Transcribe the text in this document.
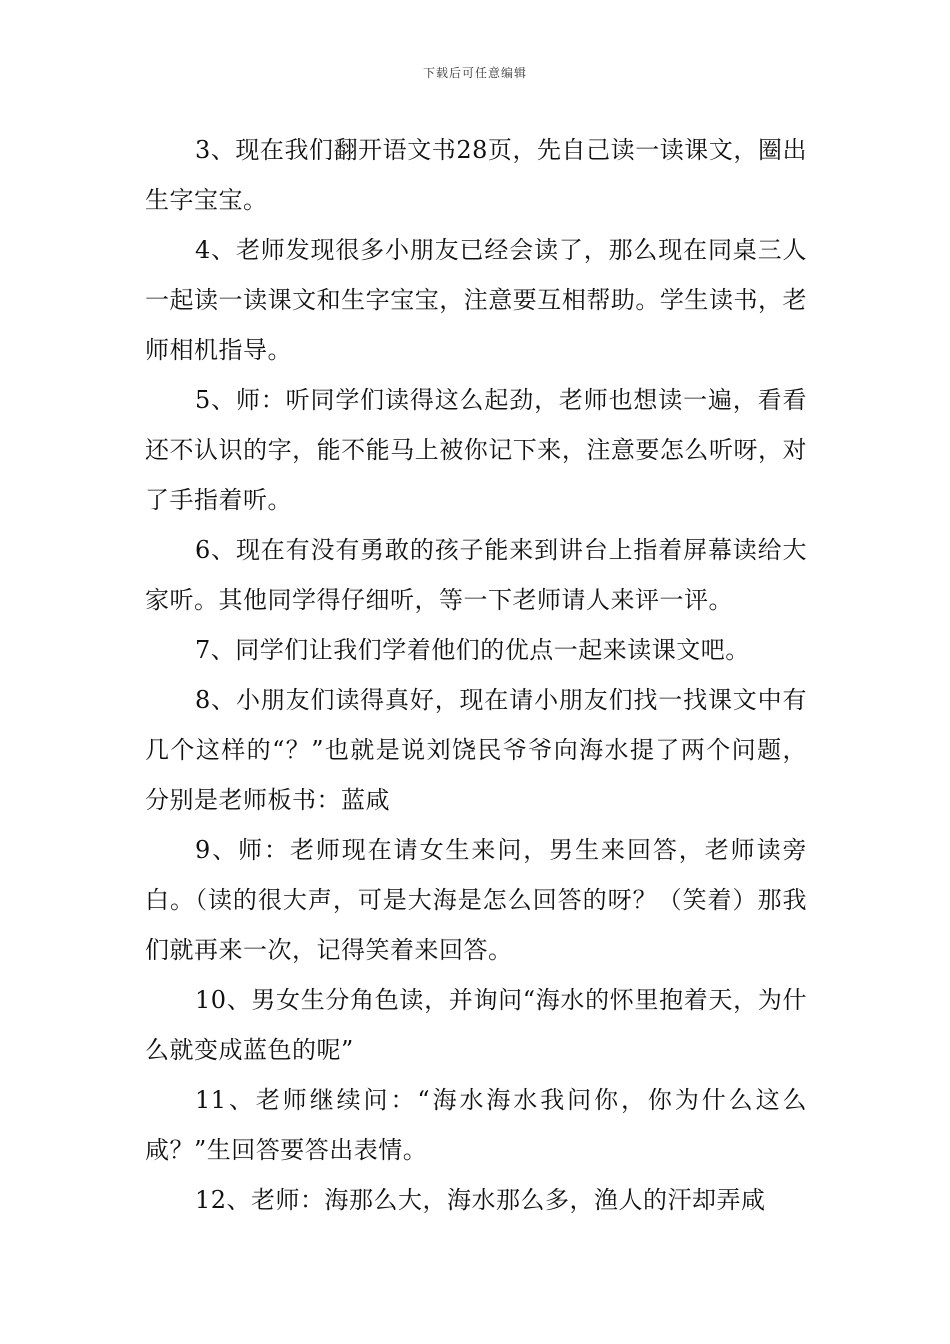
下载后可任意编辑

3、现在我们翻开语文书28页，先自己读一读课文，圈出生字宝宝。

4、老师发现很多小朋友已经会读了，那么现在同桌三人一起读一读课文和生字宝宝，注意要互相帮助。学生读书，老师相机指导。

5、师：听同学们读得这么起劲，老师也想读一遍，看看还不认识的字，能不能马上被你记下来，注意要怎么听呀，对了手指着听。

6、现在有没有勇敢的孩子能来到讲台上指着屏幕读给大家听。其他同学得仔细听，等一下老师请人来评一评。

7、同学们让我们学着他们的优点一起来读课文吧。

8、小朋友们读得真好，现在请小朋友们找一找课文中有几个这样的“？”也就是说刘饶民爷爷向海水提了两个问题，分别是老师板书：蓝咸

9、师：老师现在请女生来问，男生来回答，老师读旁白。（读的很大声，可是大海是怎么回答的呀？（笑着）那我们就再来一次，记得笑着来回答。

10、男女生分角色读，并询问“海水的怀里抱着天，为什么就变成蓝色的呢”

11、老师继续问：“海水海水我问你，你为什么这么咸？”生回答要答出表情。

12、老师：海那么大，海水那么多，渔人的汗却弄咸
